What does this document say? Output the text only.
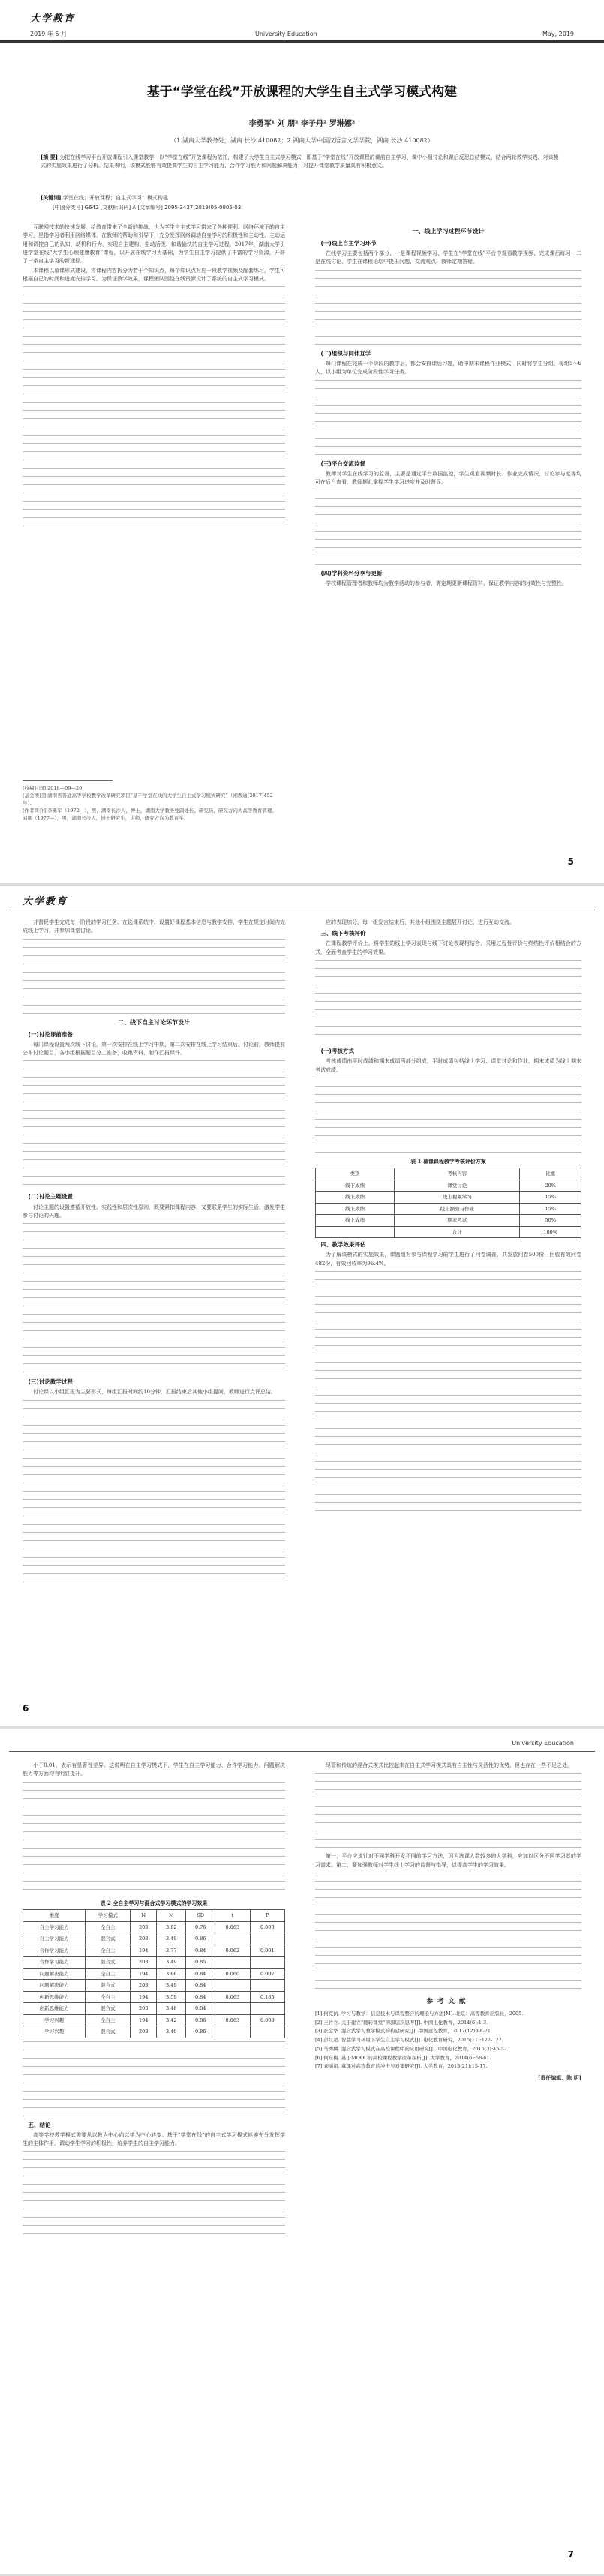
大学教育
2019 年 5 月	University Education	May, 2019
基于“学堂在线”开放课程的大学生自主式学习模式构建
李勇军¹ 刘 朋² 李子丹² 罗琳娜²
（1.湖南大学教务处，湖南 长沙 410082；2.湖南大学中国汉语言文学学院，湖南 长沙 410082）
[摘 要] 为把在线学习平台开放课程引入课堂教学，以“学堂在线”开放课程为依托，构建了大学生自主式学习模式，即基于“学堂在线”开放课程的课前自主学习、课中小组讨论和课后反思总结模式。结合两轮教学实践，对该模式的实施效果进行了分析。结果表明，该模式能够有效提高学生的自主学习能力、合作学习能力和问题解决能力，对提升课堂教学质量具有积极意义。
[关键词] 学堂在线；开放课程；自主式学习；模式构建
[中图分类号] G642 [文献标识码] A [文章编号] 2095-3437(2019)05-0005-03

互联网技术的快速发展，给教育带来了全新的挑战，也为学生自主式学习带来了各种便利。网络环境下的自主学习，是指学习者利用网络媒体，在教师的帮助和引导下，充分发挥网络调动自身学习的积极性和主动性，主动运用和调控自己的认知、动机和行为，实现自主建构、生动活泼、和谐愉快的自主学习过程。2017年，湖南大学引进学堂在线“大学生心理健康教育”课程，以开展在线学习为基础，为学生自主学习提供了丰富的学习资源，开辟了一条自主学习的新途径。

本课程以慕课形式建设，将课程内容拆分为若干个知识点，每个知识点对应一段教学视频及配套练习，学生可根据自己的时间和进度安排学习。为保证教学效果，课程团队围绕在线资源设计了系统的自主式学习模式。

一、线上学习过程环节设计
(一)线上自主学习环节

在线学习主要包括两个部分，一是课程视频学习，学生在“学堂在线”平台中观看教学视频，完成课后练习；二是在线讨论，学生在课程论坛中提出问题、交流观点，教师定期答疑。

(二)组织与同伴互学

每门课程在完成一个阶段的教学后，都会安排课后习题，助中期末课程作业模式，同时将学生分组，每组5～6人，以小组为单位完成阶段性学习任务。

(三)平台交流监督

教师对学生在线学习的监督，主要是通过平台数据监控，学生观看视频时长、作业完成情况、讨论参与度等均可在后台查看，教师据此掌握学生学习进度并及时督促。

(四)学科资料分享与更新

学校课程管理者和教师均为教学活动的参与者，需定期更新课程资料，保证教学内容的时效性与完整性。

[收稿时间] 2018—09—20
[基金项目] 湖南省普通高等学校教学改革研究项目“基于学堂在线的大学生自主式学习模式研究”（湘教通[2017]452号）。
[作者简介] 李勇军（1972—），男，湖南长沙人，博士，湖南大学教务处副处长、研究员，研究方向为高等教育管理。刘朋（1977—），男，湖南长沙人，博士研究生，讲师，研究方向为教育学。
5
大学教育

并督促学生完成每一阶段的学习任务。在选课系统中，设置好课程基本信息与教学安排，学生在规定时间内完成线上学习，并参加课堂讨论。

二、线下自主讨论环节设计
(一)讨论课前准备

每门课程设置两次线下讨论，第一次安排在线上学习中期，第二次安排在线上学习结束后。讨论前，教师提前公布讨论题目，各小组根据题目分工准备，收集资料、制作汇报课件。

(二)讨论主题设置

讨论主题的设置遵循开放性、实践性和层次性原则，既要紧扣课程内容，又要联系学生的实际生活，激发学生参与讨论的兴趣。

(三)讨论教学过程

讨论课以小组汇报为主要形式，每组汇报时间约10分钟，汇报结束后其他小组提问，教师进行点评总结。

应的表现加分，每一组发言结束后，其他小组围绕主题展开讨论，进行互动交流。

三、线下考核评价

在课程教学评价上，将学生的线上学习表现与线下讨论表现相结合，采用过程性评价与终结性评价相结合的方式，全面考查学生的学习效果。

(一)考核方式

考核成绩由平时成绩和期末成绩两部分组成，平时成绩包括线上学习、课堂讨论和作业，期末成绩为线上期末考试成绩。

表 1 慕课课程教学考核评价方案
类别	考核内容	比重
线下成绩	课堂讨论	20%
线上成绩	线上视频学习	15%
线上成绩	线上测验与作业	15%
线上成绩	期末考试	50%
	合计	100%
四、教学效果评估

为了解该模式的实施效果，课题组对参与课程学习的学生进行了问卷调查，共发放问卷500份，回收有效问卷482份，有效回收率为96.4%。

6
University Education

小于0.01，表示有显著性差异。这说明在自主学习模式下，学生在自主学习能力、合作学习能力、问题解决能力等方面均有明显提升。

表 2 全自主学习与混合式学习模式的学习效果
维度	学习模式	N	M	SD	t	P
自主学习能力	全自主	203	3.82	0.76	0.063	0.000
自主学习能力	混合式	203	3.49	0.86		
合作学习能力	全自主	194	3.77	0.84	0.062	0.001
合作学习能力	混合式	203	3.49	0.85		
问题解决能力	全自主	194	3.66	0.84	0.060	0.007
问题解决能力	混合式	203	3.49	0.84		
创新思维能力	全自主	194	3.59	0.84	0.063	0.185
创新思维能力	混合式	203	3.48	0.84		
学习兴趣	全自主	194	3.42	0.86	0.063	0.000
学习兴趣	混合式	203	3.40	0.86		
五、结论

高等学校教学模式需要从以教为中心向以学为中心转变。基于“学堂在线”的自主式学习模式能够充分发挥学生的主体作用，调动学生学习的积极性，培养学生的自主学习能力。

尽管和传统的混合式模式比较起来在自主式学习模式具有自主性与灵活性的优势，但也存在一些不足之处。

第一，平台应该针对不同学科开发不同的学习方法，因为选课人数较多的大学科，应加以区分不同学习者的学习需求。第二，要加强教师对学生线上学习的监督与指导，以提高学生的学习效果。

参考文献
[1] 何克抗. 学习与教学：信息技术与课程整合的理论与方法[M]. 北京：高等教育出版社，2005.
[2] 王竹立. 关于建立“翻转课堂”的深层次思考[J]. 中国电化教育，2014(6):1-3.
[3] 张金华. 混合式学习教学模式的构建研究[J]. 中国远程教育，2017(12):68-71.
[4] 彭红超. 智慧学习环境下学生自主学习模式[J]. 电化教育研究，2015(11):122-127.
[5] 马秀麟. 混合式学习模式在高校课程中的应用研究[J]. 中国电化教育，2015(3):45-52.
[6] 何东梅. 基于MOOC的高校课程教学改革探析[J]. 大学教育，2014(6):58-61.
[7] 刘丽娟. 慕课对高等教育的冲击与对策研究[J]. 大学教育，2013(21):15-17.
[责任编辑：陈 明]
7
